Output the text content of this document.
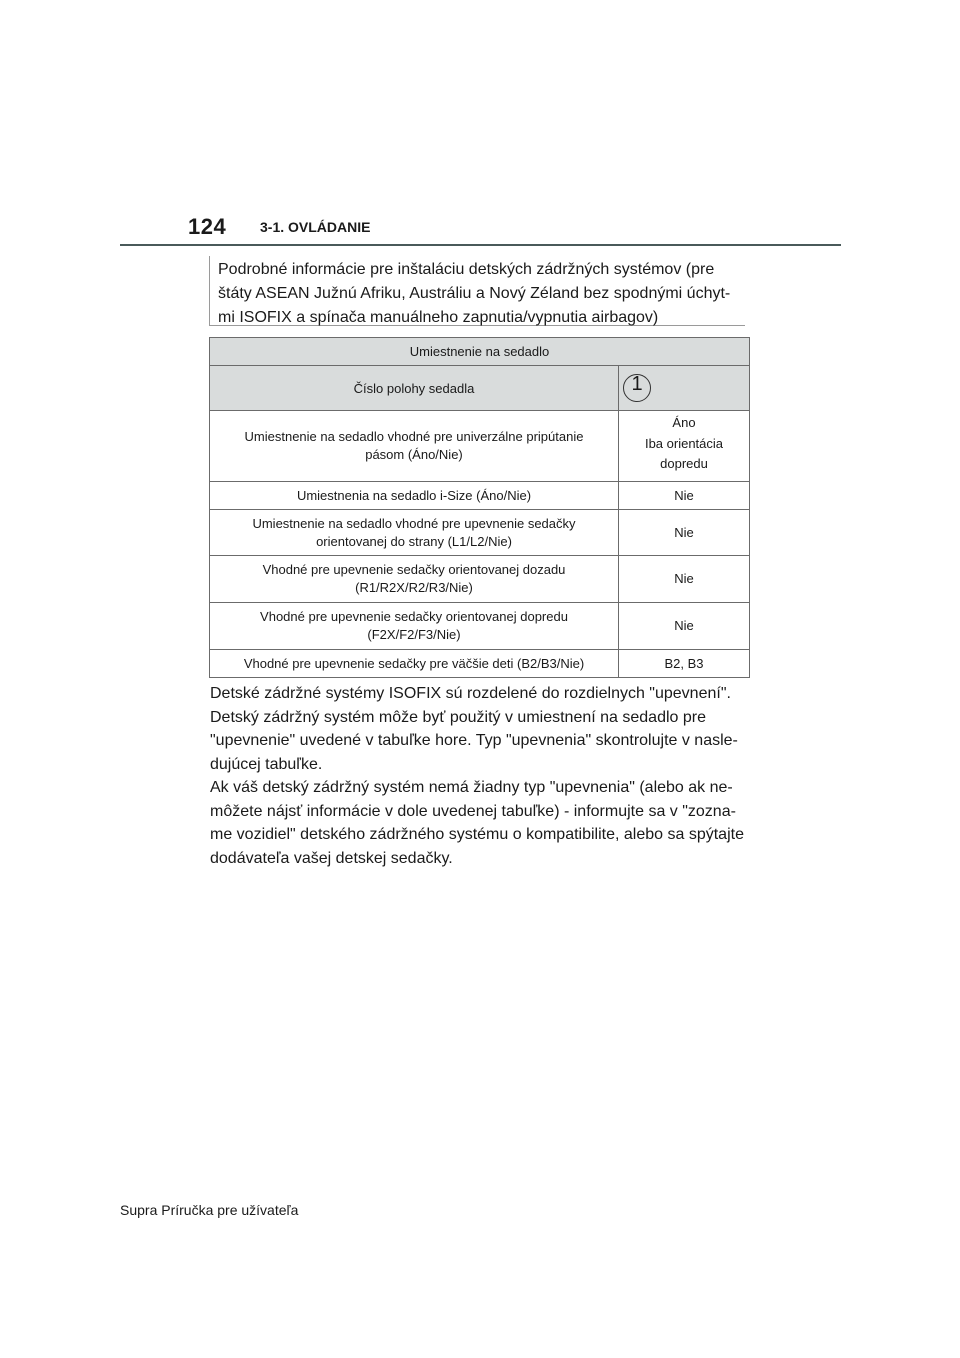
124 3-1. OVLÁDANIE
Podrobné informácie pre inštaláciu detských zádržných systémov (pre
štáty ASEAN Južnú Afriku, Austráliu a Nový Zéland bez spodnými úchyt-
mi ISOFIX a spínača manuálneho zapnutia/vypnutia airbagov)
Umiestnenie na sedadlo	
Číslo polohy sedadla	1

Umiestnenie na sedadlo vhodné pre univerzálne pripútanie
pásom (Áno/Nie)	Áno
Iba orientácia
dopredu

Umiestnenia na sedadlo i-Size (Áno/Nie)	Nie

Umiestnenie na sedadlo vhodné pre upevnenie sedačky
orientovanej do strany (L1/L2/Nie)	Nie

Vhodné pre upevnenie sedačky orientovanej dozadu
(R1/R2X/R2/R3/Nie)	Nie

Vhodné pre upevnenie sedačky orientovanej dopredu
(F2X/F2/F3/Nie)	Nie

Vhodné pre upevnenie sedačky pre väčšie deti (B2/B3/Nie)	B2, B3
Detské zádržné systémy ISOFIX sú rozdelené do rozdielnych "upevnení".
Detský zádržný systém môže byť použitý v umiestnení na sedadlo pre
"upevnenie" uvedené v tabuľke hore. Typ "upevnenia" skontrolujte v nasle-
dujúcej tabuľke.
Ak váš detský zádržný systém nemá žiadny typ "upevnenia" (alebo ak ne-
môžete nájsť informácie v dole uvedenej tabuľke) - informujte sa v "zozna-
me vozidiel" detského zádržného systému o kompatibilite, alebo sa spýtajte
dodávateľa vašej detskej sedačky.
Supra Príručka pre užívateľa
